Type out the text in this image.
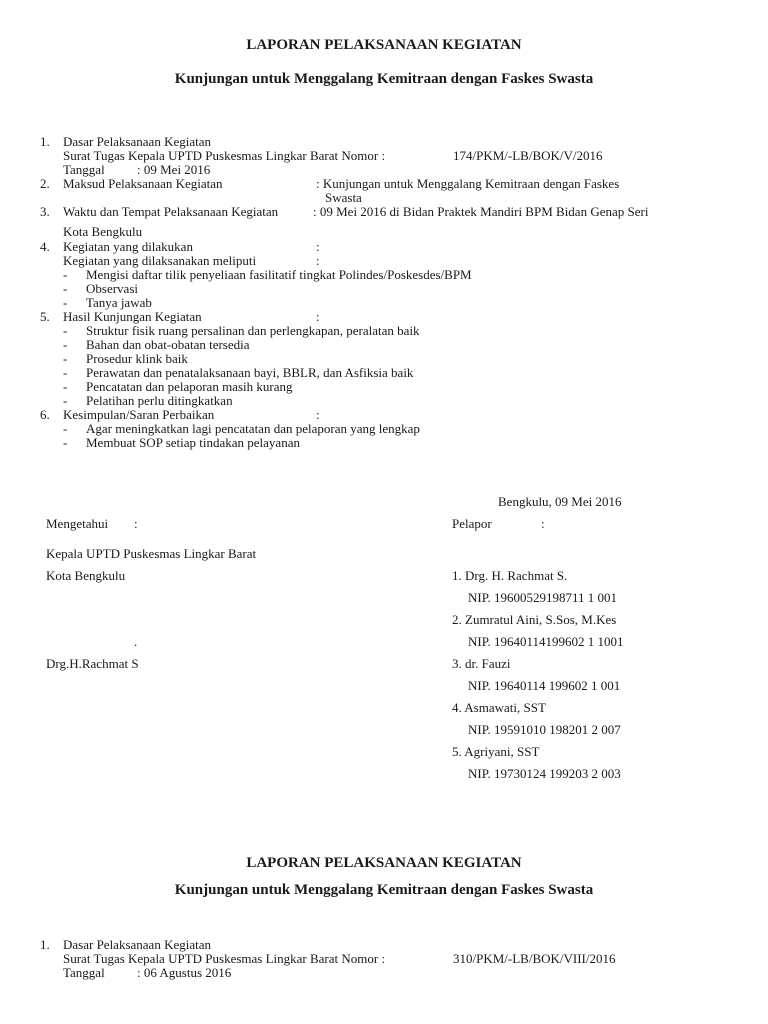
LAPORAN PELAKSANAAN KEGIATAN
Kunjungan untuk Menggalang Kemitraan dengan Faskes Swasta
1. Dasar Pelaksanaan Kegiatan
Surat Tugas Kepala UPTD Puskesmas Lingkar Barat Nomor :	174/PKM/-LB/BOK/V/2016
Tanggal : 09 Mei 2016
2. Maksud Pelaksanaan Kegiatan	: Kunjungan untuk Menggalang Kemitraan dengan Faskes
Swasta
3. Waktu dan Tempat Pelaksanaan Kegiatan	: 09 Mei 2016 di Bidan Praktek Mandiri BPM Bidan Genap Seri
Kota Bengkulu
4. Kegiatan yang dilakukan	:
Kegiatan yang dilaksanakan meliputi	:
- Mengisi daftar tilik penyeliaan fasilitatif tingkat Polindes/Poskesdes/BPM
- Observasi
- Tanya jawab
5. Hasil Kunjungan Kegiatan	:
- Struktur fisik ruang persalinan dan perlengkapan, peralatan baik
- Bahan dan obat-obatan tersedia
- Prosedur klink baik
- Perawatan dan penatalaksanaan bayi, BBLR, dan Asfiksia baik
- Pencatatan dan pelaporan masih kurang
- Pelatihan perlu ditingkatkan
6. Kesimpulan/Saran Perbaikan	:
- Agar meningkatkan lagi pencatatan dan pelaporan yang lengkap
- Membuat SOP setiap tindakan pelayanan
Bengkulu, 09 Mei 2016
Mengetahui :	Pelapor	:
Kepala UPTD Puskesmas Lingkar Barat
Kota Bengkulu
.
Drg.H.Rachmat S
1. Drg. H. Rachmat S.
NIP. 19600529198711 1 001
2. Zumratul Aini, S.Sos, M.Kes
NIP. 19640114199602 1 1001
3. dr. Fauzi
NIP. 19640114 199602 1 001
4. Asmawati, SST
NIP. 19591010 198201 2 007
5. Agriyani, SST
NIP. 19730124 199203 2 003
LAPORAN PELAKSANAAN KEGIATAN
Kunjungan untuk Menggalang Kemitraan dengan Faskes Swasta
1. Dasar Pelaksanaan Kegiatan
Surat Tugas Kepala UPTD Puskesmas Lingkar Barat Nomor :	310/PKM/-LB/BOK/VIII/2016
Tanggal : 06 Agustus 2016
